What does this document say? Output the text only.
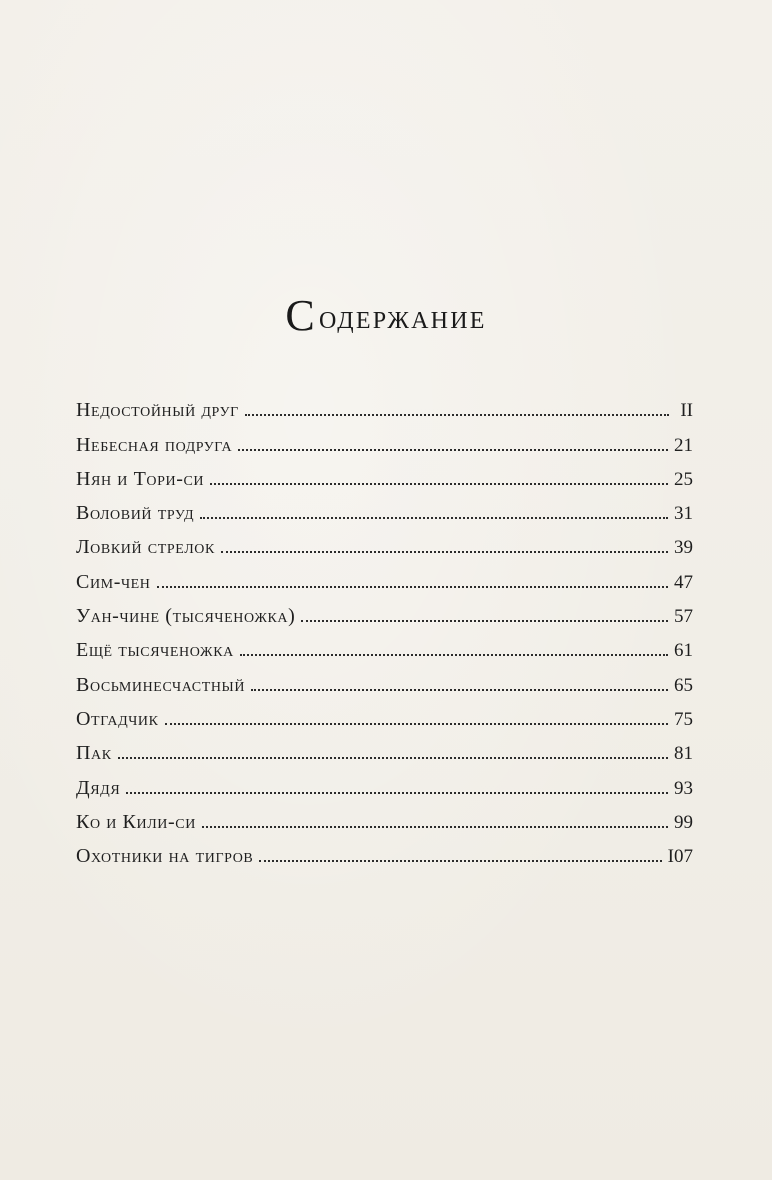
Содержание
Недостойный друг	II
Небесная подруга	21
Нян и Тори-си	25
Воловий труд	31
Ловкий стрелок	39
Сим-чен	47
Уан-чине (тысяченожка)	57
Ещё тысяченожка	61
Восьминесчастный	65
Отгадчик	75
Пак	81
Дядя	93
Ко и Кили-си	99
Охотники на тигров	I07
